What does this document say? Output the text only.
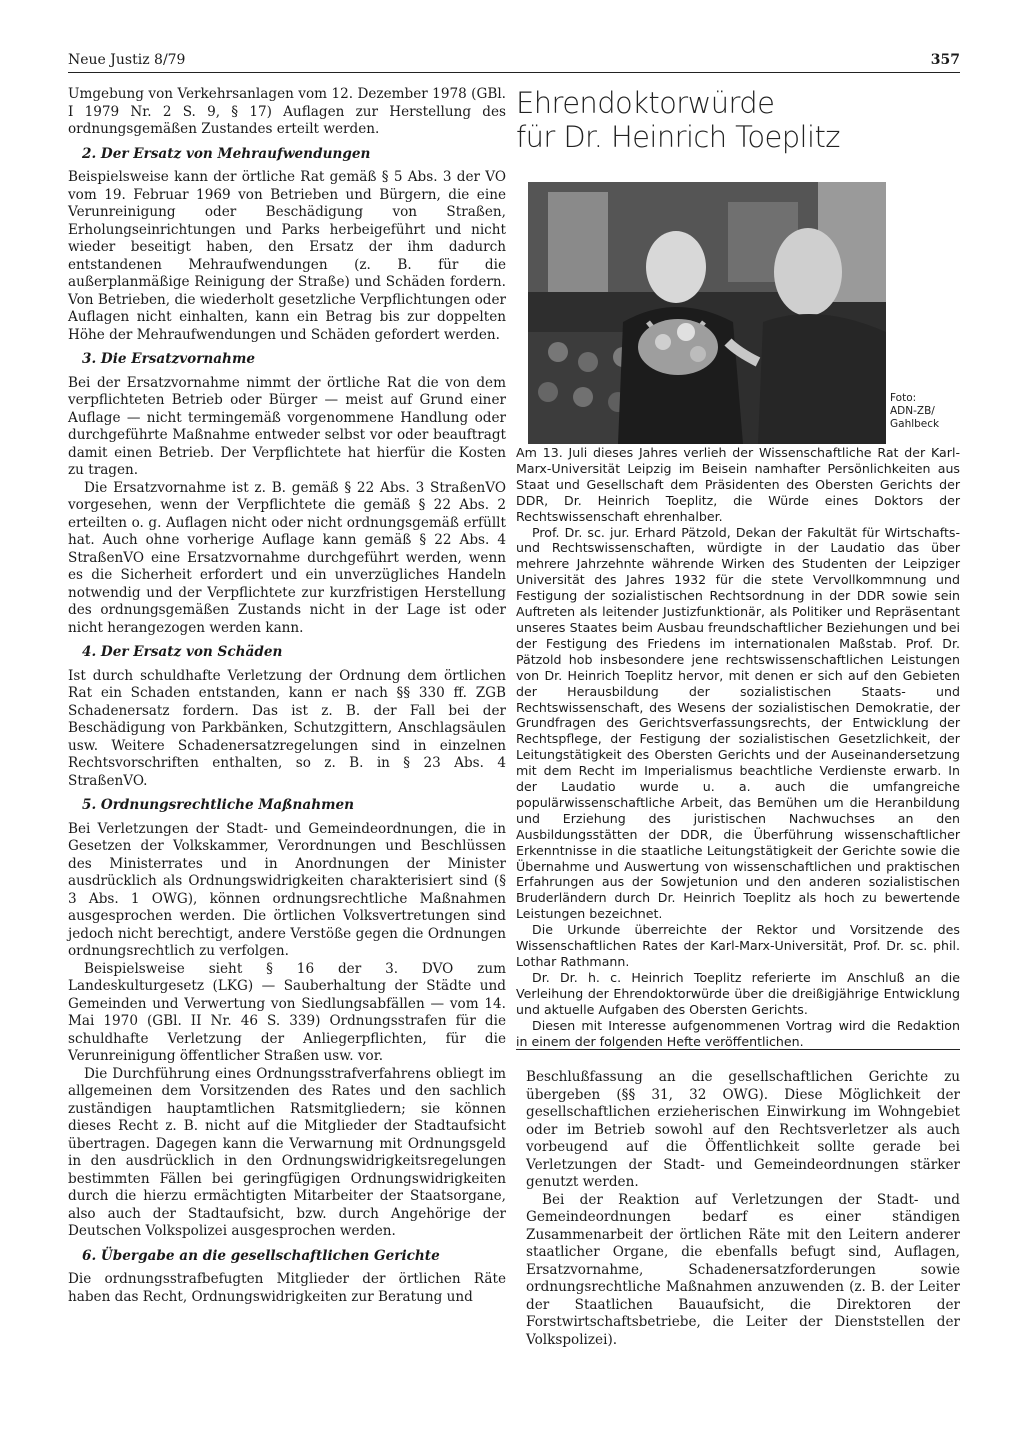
Neue Justiz 8/79	357

Umgebung von Verkehrsanlagen vom 12. Dezember 1978 (GBl. I 1979 Nr. 2 S. 9, § 17) Auflagen zur Herstellung des ordnungsgemäßen Zustandes erteilt werden.

2. Der Ersatz von Mehraufwendungen

Beispielsweise kann der örtliche Rat gemäß § 5 Abs. 3 der VO vom 19. Februar 1969 von Betrieben und Bürgern, die eine Verunreinigung oder Beschädigung von Straßen, Erholungseinrichtungen und Parks herbeigeführt und nicht wieder beseitigt haben, den Ersatz der ihm dadurch entstandenen Mehraufwendungen (z. B. für die außerplanmäßige Reinigung der Straße) und Schäden fordern. Von Betrieben, die wiederholt gesetzliche Verpflichtungen oder Auflagen nicht einhalten, kann ein Betrag bis zur doppelten Höhe der Mehraufwendungen und Schäden gefordert werden.

3. Die Ersatzvornahme

Bei der Ersatzvornahme nimmt der örtliche Rat die von dem verpflichteten Betrieb oder Bürger — meist auf Grund einer Auflage — nicht termingemäß vorgenommene Handlung oder durchgeführte Maßnahme entweder selbst vor oder beauftragt damit einen Betrieb. Der Verpflichtete hat hierfür die Kosten zu tragen.

Die Ersatzvornahme ist z. B. gemäß § 22 Abs. 3 StraßenVO vorgesehen, wenn der Verpflichtete die gemäß § 22 Abs. 2 erteilten o. g. Auflagen nicht oder nicht ordnungsgemäß erfüllt hat. Auch ohne vorherige Auflage kann gemäß § 22 Abs. 4 StraßenVO eine Ersatzvornahme durchgeführt werden, wenn es die Sicherheit erfordert und ein unverzügliches Handeln notwendig und der Verpflichtete zur kurzfristigen Herstellung des ordnungsgemäßen Zustands nicht in der Lage ist oder nicht herangezogen werden kann.

4. Der Ersatz von Schäden

Ist durch schuldhafte Verletzung der Ordnung dem örtlichen Rat ein Schaden entstanden, kann er nach §§ 330 ff. ZGB Schadenersatz fordern. Das ist z. B. der Fall bei der Beschädigung von Parkbänken, Schutzgittern, Anschlagsäulen usw. Weitere Schadenersatzregelungen sind in einzelnen Rechtsvorschriften enthalten, so z. B. in § 23 Abs. 4 StraßenVO.

5. Ordnungsrechtliche Maßnahmen

Bei Verletzungen der Stadt- und Gemeindeordnungen, die in Gesetzen der Volkskammer, Verordnungen und Beschlüssen des Ministerrates und in Anordnungen der Minister ausdrücklich als Ordnungswidrigkeiten charakterisiert sind (§ 3 Abs. 1 OWG), können ordnungsrechtliche Maßnahmen ausgesprochen werden. Die örtlichen Volksvertretungen sind jedoch nicht berechtigt, andere Verstöße gegen die Ordnungen ordnungsrechtlich zu verfolgen.

Beispielsweise sieht § 16 der 3. DVO zum Landeskulturgesetz (LKG) — Sauberhaltung der Städte und Gemeinden und Verwertung von Siedlungsabfällen — vom 14. Mai 1970 (GBl. II Nr. 46 S. 339) Ordnungsstrafen für die schuldhafte Verletzung der Anliegerpflichten, für die Verunreinigung öffentlicher Straßen usw. vor.

Die Durchführung eines Ordnungsstrafverfahrens obliegt im allgemeinen dem Vorsitzenden des Rates und den sachlich zuständigen hauptamtlichen Ratsmitgliedern; sie können dieses Recht z. B. nicht auf die Mitglieder der Stadtaufsicht übertragen. Dagegen kann die Verwarnung mit Ordnungsgeld in den ausdrücklich in den Ordnungswidrigkeitsregelungen bestimmten Fällen bei geringfügigen Ordnungswidrigkeiten durch die hierzu ermächtigten Mitarbeiter der Staatsorgane, also auch der Stadtaufsicht, bzw. durch Angehörige der Deutschen Volkspolizei ausgesprochen werden.

6. Übergabe an die gesellschaftlichen Gerichte

Die ordnungsstrafbefugten Mitglieder der örtlichen Räte haben das Recht, Ordnungswidrigkeiten zur Beratung und

Ehrendoktorwürde
für Dr. Heinrich Toeplitz
Foto:
ADN-ZB/
Gahlbeck

Am 13. Juli dieses Jahres verlieh der Wissenschaftliche Rat der Karl-Marx-Universität Leipzig im Beisein namhafter Persönlichkeiten aus Staat und Gesellschaft dem Präsidenten des Obersten Gerichts der DDR, Dr. Heinrich Toeplitz, die Würde eines Doktors der Rechtswissenschaft ehrenhalber.

Prof. Dr. sc. jur. Erhard Pätzold, Dekan der Fakultät für Wirtschafts- und Rechtswissenschaften, würdigte in der Laudatio das über mehrere Jahrzehnte währende Wirken des Studenten der Leipziger Universität des Jahres 1932 für die stete Vervollkommnung und Festigung der sozialistischen Rechtsordnung in der DDR sowie sein Auftreten als leitender Justizfunktionär, als Politiker und Repräsentant unseres Staates beim Ausbau freundschaftlicher Beziehungen und bei der Festigung des Friedens im internationalen Maßstab. Prof. Dr. Pätzold hob insbesondere jene rechtswissenschaftlichen Leistungen von Dr. Heinrich Toeplitz hervor, mit denen er sich auf den Gebieten der Herausbildung der sozialistischen Staats- und Rechtswissenschaft, des Wesens der sozialistischen Demokratie, der Grundfragen des Gerichtsverfassungsrechts, der Entwicklung der Rechtspflege, der Festigung der sozialistischen Gesetzlichkeit, der Leitungstätigkeit des Obersten Gerichts und der Auseinandersetzung mit dem Recht im Imperialismus beachtliche Verdienste erwarb. In der Laudatio wurde u. a. auch die umfangreiche populärwissenschaftliche Arbeit, das Bemühen um die Heranbildung und Erziehung des juristischen Nachwuchses an den Ausbildungsstätten der DDR, die Überführung wissenschaftlicher Erkenntnisse in die staatliche Leitungstätigkeit der Gerichte sowie die Übernahme und Auswertung von wissenschaftlichen und praktischen Erfahrungen aus der Sowjetunion und den anderen sozialistischen Bruderländern durch Dr. Heinrich Toeplitz als hoch zu bewertende Leistungen bezeichnet.

Die Urkunde überreichte der Rektor und Vorsitzende des Wissenschaftlichen Rates der Karl-Marx-Universität, Prof. Dr. sc. phil. Lothar Rathmann.

Dr. Dr. h. c. Heinrich Toeplitz referierte im Anschluß an die Verleihung der Ehrendoktorwürde über die dreißigjährige Entwicklung und aktuelle Aufgaben des Obersten Gerichts.

Diesen mit Interesse aufgenommenen Vortrag wird die Redaktion in einem der folgenden Hefte veröffentlichen.

Beschlußfassung an die gesellschaftlichen Gerichte zu übergeben (§§ 31, 32 OWG). Diese Möglichkeit der gesellschaftlichen erzieherischen Einwirkung im Wohngebiet oder im Betrieb sowohl auf den Rechtsverletzer als auch vorbeugend auf die Öffentlichkeit sollte gerade bei Verletzungen der Stadt- und Gemeindeordnungen stärker genutzt werden.

Bei der Reaktion auf Verletzungen der Stadt- und Gemeindeordnungen bedarf es einer ständigen Zusammenarbeit der örtlichen Räte mit den Leitern anderer staatlicher Organe, die ebenfalls befugt sind, Auflagen, Ersatzvornahme, Schadenersatzforderungen sowie ordnungsrechtliche Maßnahmen anzuwenden (z. B. der Leiter der Staatlichen Bauaufsicht, die Direktoren der Forstwirtschaftsbetriebe, die Leiter der Dienststellen der Volkspolizei).
